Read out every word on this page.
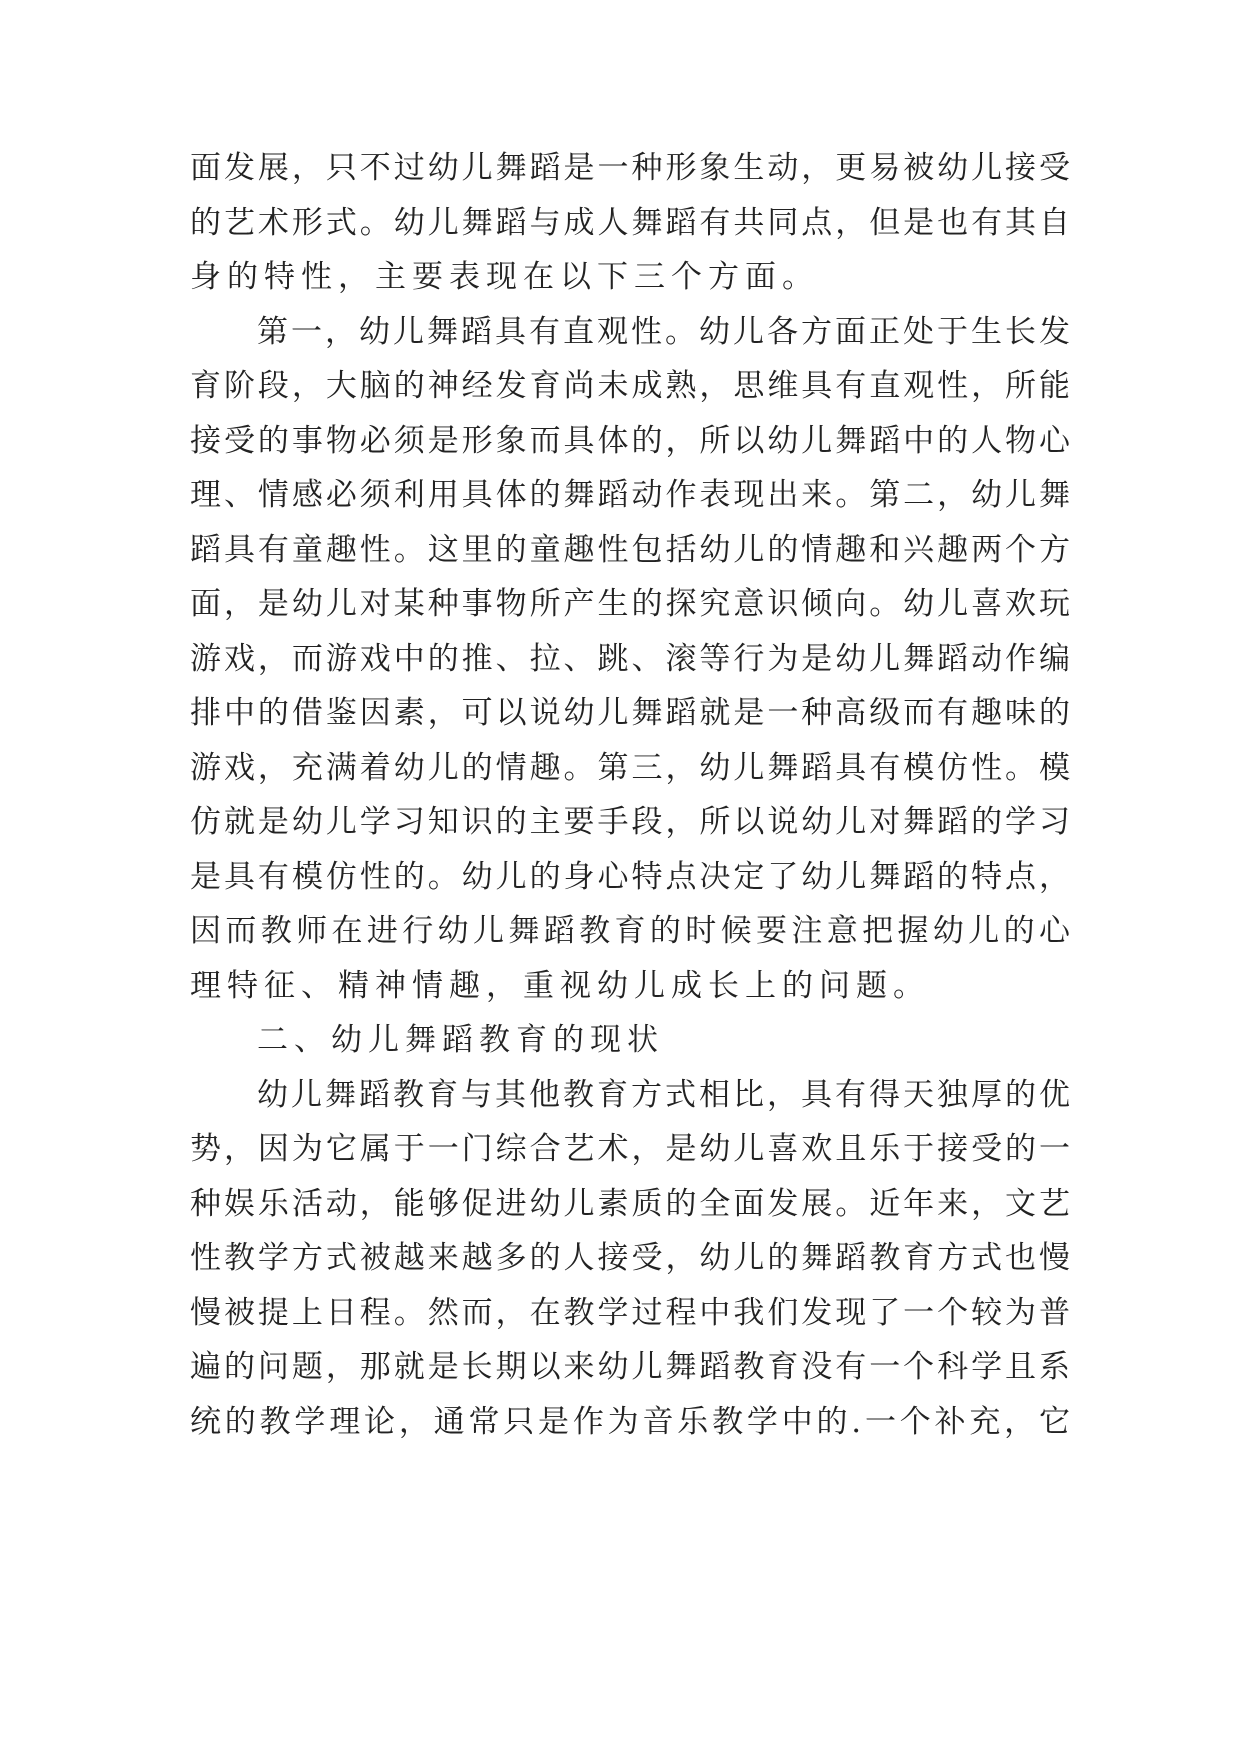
面发展，只不过幼儿舞蹈是一种形象生动，更易被幼儿接受

的艺术形式。幼儿舞蹈与成人舞蹈有共同点，但是也有其自

身的特性，主要表现在以下三个方面。

第一，幼儿舞蹈具有直观性。幼儿各方面正处于生长发

育阶段，大脑的神经发育尚未成熟，思维具有直观性，所能

接受的事物必须是形象而具体的，所以幼儿舞蹈中的人物心

理、情感必须利用具体的舞蹈动作表现出来。第二，幼儿舞

蹈具有童趣性。这里的童趣性包括幼儿的情趣和兴趣两个方

面，是幼儿对某种事物所产生的探究意识倾向。幼儿喜欢玩

游戏，而游戏中的推、拉、跳、滚等行为是幼儿舞蹈动作编

排中的借鉴因素，可以说幼儿舞蹈就是一种高级而有趣味的

游戏，充满着幼儿的情趣。第三，幼儿舞蹈具有模仿性。模

仿就是幼儿学习知识的主要手段，所以说幼儿对舞蹈的学习

是具有模仿性的。幼儿的身心特点决定了幼儿舞蹈的特点，

因而教师在进行幼儿舞蹈教育的时候要注意把握幼儿的心

理特征、精神情趣，重视幼儿成长上的问题。

二、幼儿舞蹈教育的现状

幼儿舞蹈教育与其他教育方式相比，具有得天独厚的优

势，因为它属于一门综合艺术，是幼儿喜欢且乐于接受的一

种娱乐活动，能够促进幼儿素质的全面发展。近年来，文艺

性教学方式被越来越多的人接受，幼儿的舞蹈教育方式也慢

慢被提上日程。然而，在教学过程中我们发现了一个较为普

遍的问题，那就是长期以来幼儿舞蹈教育没有一个科学且系

统的教学理论，通常只是作为音乐教学中的.一个补充，它
